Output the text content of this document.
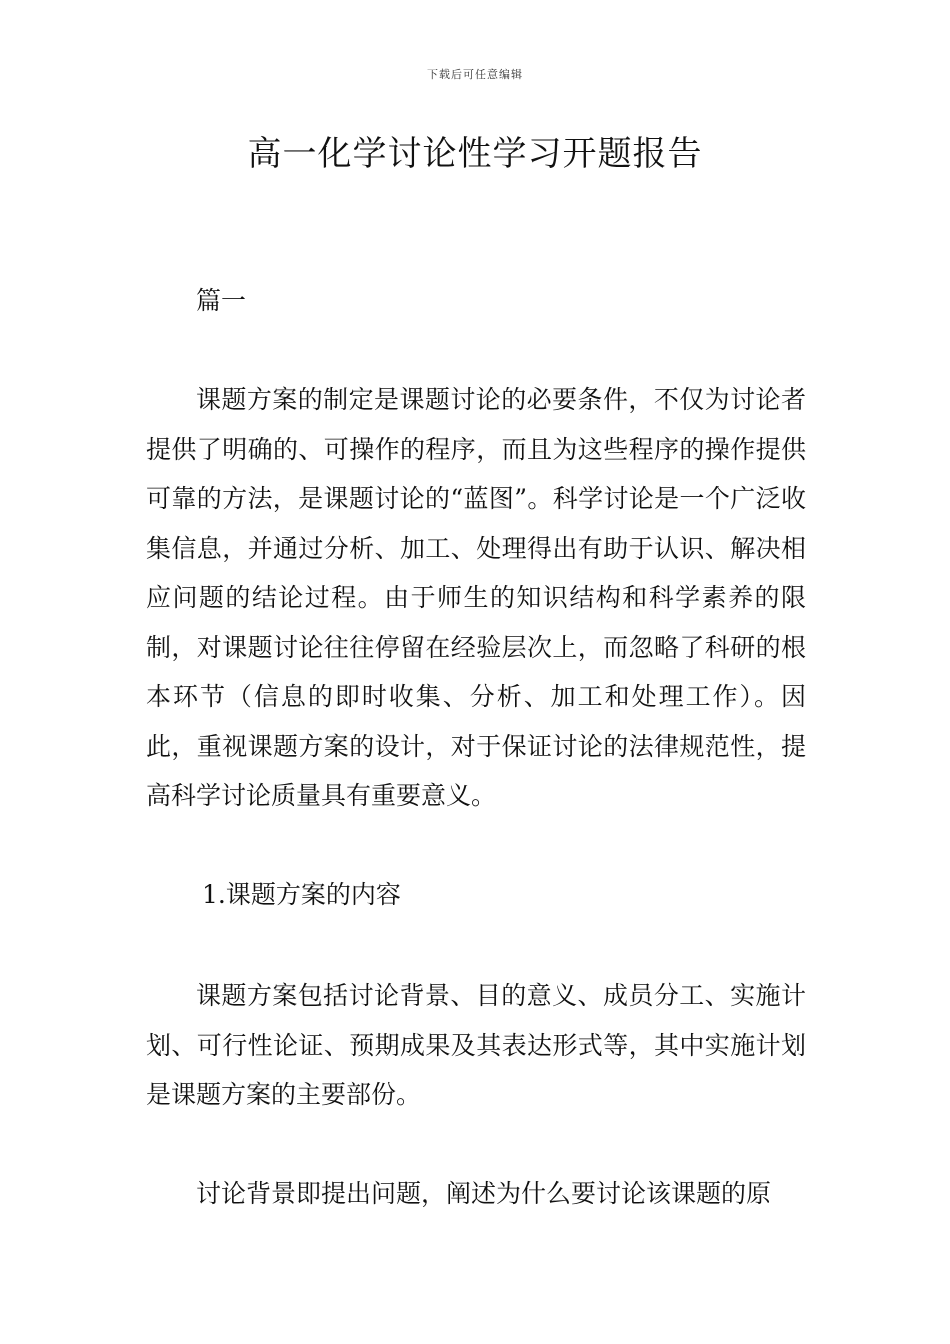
下载后可任意编辑
高一化学讨论性学习开题报告

篇一

课题方案的制定是课题讨论的必要条件，不仅为讨论者提供了明确的、可操作的程序，而且为这些程序的操作提供可靠的方法，是课题讨论的“蓝图”。科学讨论是一个广泛收集信息，并通过分析、加工、处理得出有助于认识、解决相应问题的结论过程。由于师生的知识结构和科学素养的限制，对课题讨论往往停留在经验层次上，而忽略了科研的根本环节（信息的即时收集、分析、加工和处理工作）。因此，重视课题方案的设计，对于保证讨论的法律规范性，提高科学讨论质量具有重要意义。

1.课题方案的内容

课题方案包括讨论背景、目的意义、成员分工、实施计划、可行性论证、预期成果及其表达形式等，其中实施计划是课题方案的主要部份。

讨论背景即提出问题，阐述为什么要讨论该课题的原
